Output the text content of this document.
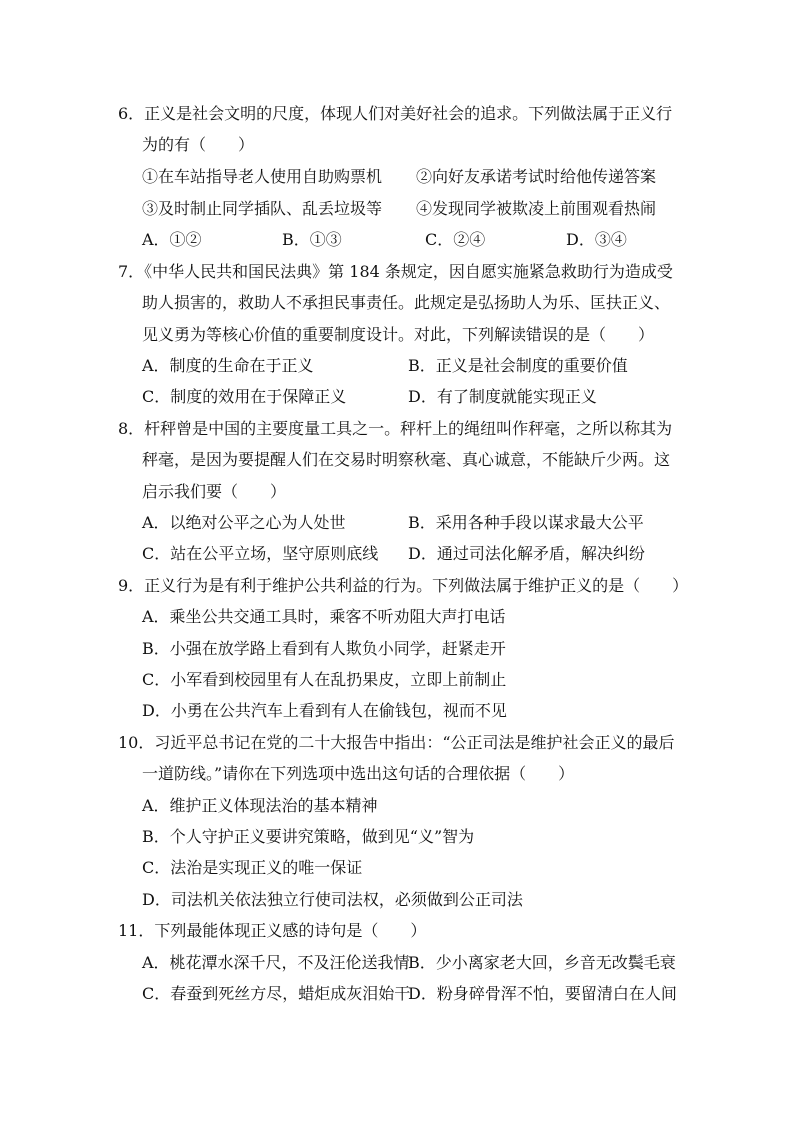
6．正义是社会文明的尺度，体现人们对美好社会的追求。下列做法属于正义行
为的有（　　）
①在车站指导老人使用自助购票机 ②向好友承诺考试时给他传递答案
③及时制止同学插队、乱丢垃圾等 ④发现同学被欺凌上前围观看热闹
A．①②	B．①③	C．②④	D．③④
7．《中华人民共和国民法典》第 184 条规定，因自愿实施紧急救助行为造成受
助人损害的，救助人不承担民事责任。此规定是弘扬助人为乐、匡扶正义、
见义勇为等核心价值的重要制度设计。对此，下列解读错误的是（　　）
A．制度的生命在于正义	B．正义是社会制度的重要价值
C．制度的效用在于保障正义	D．有了制度就能实现正义
8．杆秤曾是中国的主要度量工具之一。秤杆上的绳纽叫作秤毫，之所以称其为
秤毫，是因为要提醒人们在交易时明察秋毫、真心诚意，不能缺斤少两。这
启示我们要（　　）
A．以绝对公平之心为人处世	B．采用各种手段以谋求最大公平
C．站在公平立场，坚守原则底线 D．通过司法化解矛盾，解决纠纷
9．正义行为是有利于维护公共利益的行为。下列做法属于维护正义的是（　　）
A．乘坐公共交通工具时，乘客不听劝阻大声打电话
B．小强在放学路上看到有人欺负小同学，赶紧走开
C．小军看到校园里有人在乱扔果皮，立即上前制止
D．小勇在公共汽车上看到有人在偷钱包，视而不见
10．习近平总书记在党的二十大报告中指出：“公正司法是维护社会正义的最后
一道防线。”请你在下列选项中选出这句话的合理依据（　　）
A．维护正义体现法治的基本精神
B．个人守护正义要讲究策略，做到见“义”智为
C．法治是实现正义的唯一保证
D．司法机关依法独立行使司法权，必须做到公正司法
11．下列最能体现正义感的诗句是（　　）
A．桃花潭水深千尺，不及汪伦送我情
B．少小离家老大回，乡音无改鬓毛衰
C．春蚕到死丝方尽，蜡炬成灰泪始干
D．粉身碎骨浑不怕，要留清白在人间
